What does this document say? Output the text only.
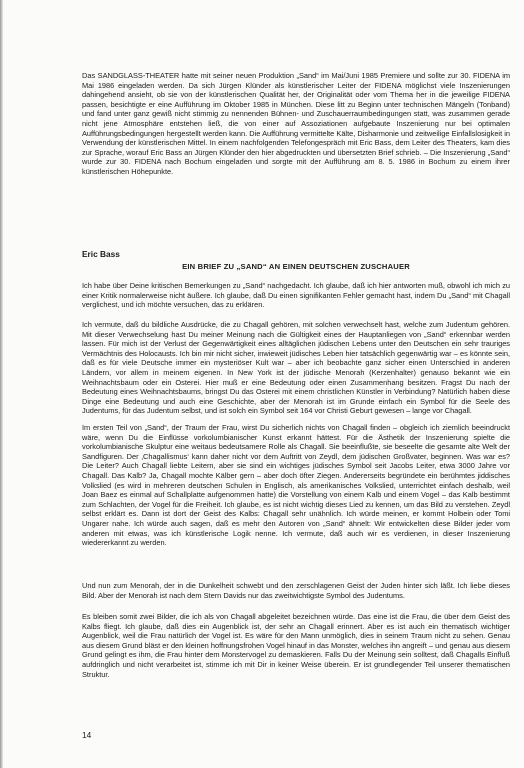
Das SANDGLASS-THEATER hatte mit seiner neuen Produktion „Sand“ im Mai/Juni 1985 Premiere und sollte zur 30. FIDENA im Mai 1986 eingeladen werden. Da sich Jürgen Klünder als künstlerischer Leiter der FIDENA möglichst viele Inszenierungen dahingehend ansieht, ob sie von der künstlerischen Qualität her, der Originalität oder vom Thema her in die jeweilige FIDENA passen, besichtigte er eine Aufführung im Oktober 1985 in München. Diese litt zu Beginn unter technischen Mängeln (Tonband) und fand unter ganz gewiß nicht stimmig zu nennenden Bühnen- und Zuschauerraumbedingungen statt, was zusammen gerade nicht jene Atmosphäre entstehen ließ, die von einer auf Assoziationen aufgebaute Inszenierung nur bei optimalen Aufführungsbedingungen hergestellt werden kann. Die Aufführung vermittelte Kälte, Disharmonie und zeitweilige Einfallslosigkeit in Verwendung der künstlerischen Mittel. In einem nachfolgenden Telefongespräch mit Eric Bass, dem Leiter des Theaters, kam dies zur Sprache, worauf Eric Bass an Jürgen Klünder den hier abgedruckten und übersetzten Brief schrieb. – Die Inszenierung „Sand“ wurde zur 30. FIDENA nach Bochum eingeladen und sorgte mit der Aufführung am 8. 5. 1986 in Bochum zu einem ihrer künstlerischen Höhepunkte.

Eric Bass
EIN BRIEF ZU „SAND“ AN EINEN DEUTSCHEN ZUSCHAUER

Ich habe über Deine kritischen Bemerkungen zu „Sand“ nachgedacht. Ich glaube, daß ich hier antworten muß, obwohl ich mich zu einer Kritik normalerweise nicht äußere. Ich glaube, daß Du einen signifikanten Fehler gemacht hast, indem Du „Sand“ mit Chagall verglichest, und ich möchte versuchen, das zu erklären.

Ich vermute, daß du bildliche Ausdrücke, die zu Chagall gehören, mit solchen verwechselt hast, welche zum Judentum gehören. Mit dieser Verwechselung hast Du meiner Meinung nach die Gültigkeit eines der Hauptanliegen von „Sand“ erkennbar werden lassen. Für mich ist der Verlust der Gegenwärtigkeit eines alltäglichen jüdischen Lebens unter den Deutschen ein sehr trauriges Vermächtnis des Holocausts. Ich bin mir nicht sicher, inwieweit jüdisches Leben hier tatsächlich gegenwärtig war – es könnte sein, daß es für viele Deutsche immer ein mysteriöser Kult war – aber ich beobachte ganz sicher einen Unterschied in anderen Ländern, vor allem in meinem eigenen. In New York ist der jüdische Menorah (Kerzenhalter) genauso bekannt wie ein Weihnachtsbaum oder ein Osterei. Hier muß er eine Bedeutung oder einen Zusammenhang besitzen. Fragst Du nach der Bedeutung eines Weihnachtsbaums, bringst Du das Osterei mit einem christlichen Künstler in Verbindung? Natürlich haben diese Dinge eine Bedeutung und auch eine Geschichte, aber der Menorah ist im Grunde einfach ein Symbol für die Seele des Judentums, für das Judentum selbst, und ist solch ein Symbol seit 164 vor Christi Geburt gewesen – lange vor Chagall.

Im ersten Teil von „Sand“, der Traum der Frau, wirst Du sicherlich nichts von Chagall finden – obgleich ich ziemlich beeindruckt wäre, wenn Du die Einflüsse vorkolumbianischer Kunst erkannt hättest. Für die Ästhetik der Inszenierung spielte die vorkolumbianische Skulptur eine weitaus bedeutsamere Rolle als Chagall. Sie beeinflußte, sie beseelte die gesamte alte Welt der Sandfiguren. Der ‚Chagallismus‘ kann daher nicht vor dem Auftritt von Zeydl, dem jüdischen Großvater, beginnen. Was war es? Die Leiter? Auch Chagall liebte Leitern, aber sie sind ein wichtiges jüdisches Symbol seit Jacobs Leiter, etwa 3000 Jahre vor Chagall. Das Kalb? Ja, Chagall mochte Kälber gern – aber doch öfter Ziegen. Andererseits begründete ein berühmtes jiddisches Volkslied (es wird in mehreren deutschen Schulen in Englisch, als amerikanisches Volkslied, unterrichtet einfach deshalb, weil Joan Baez es einmal auf Schallplatte aufgenommen hatte) die Vorstellung von einem Kalb und einem Vogel – das Kalb bestimmt zum Schlachten, der Vogel für die Freiheit. Ich glaube, es ist nicht wichtig dieses Lied zu kennen, um das Bild zu verstehen. Zeydl selbst erklärt es. Dann ist dort der Geist des Kalbs: Chagall sehr unähnlich. Ich würde meinen, er kommt Holbein oder Tomi Ungarer nahe. Ich würde auch sagen, daß es mehr den Autoren von „Sand“ ähnelt: Wir entwickelten diese Bilder jeder vom anderen mit etwas, was ich künstlerische Logik nenne. Ich vermute, daß auch wir es verdienen, in dieser Inszenierung wiedererkannt zu werden.

Und nun zum Menorah, der in die Dunkelheit schwebt und den zerschlagenen Geist der Juden hinter sich läßt. Ich liebe dieses Bild. Aber der Menorah ist nach dem Stern Davids nur das zweitwichtigste Symbol des Judentums.

Es bleiben somit zwei Bilder, die ich als von Chagall abgeleitet bezeichnen würde. Das eine ist die Frau, die über dem Geist des Kalbs fliegt. Ich glaube, daß dies ein Augenblick ist, der sehr an Chagall erinnert. Aber es ist auch ein thematisch wichtiger Augenblick, weil die Frau natürlich der Vogel ist. Es wäre für den Mann unmöglich, dies in seinem Traum nicht zu sehen. Genau aus diesem Grund bläst er den kleinen hoffnungsfrohen Vogel hinauf in das Monster, welches ihn angreift – und genau aus diesem Grund gelingt es ihm, die Frau hinter dem Monstervogel zu demaskieren. Falls Du der Meinung sein solltest, daß Chagalls Einfluß aufdringlich und nicht verarbeitet ist, stimme ich mit Dir in keiner Weise überein. Er ist grundlegender Teil unserer thematischen Struktur.

14
